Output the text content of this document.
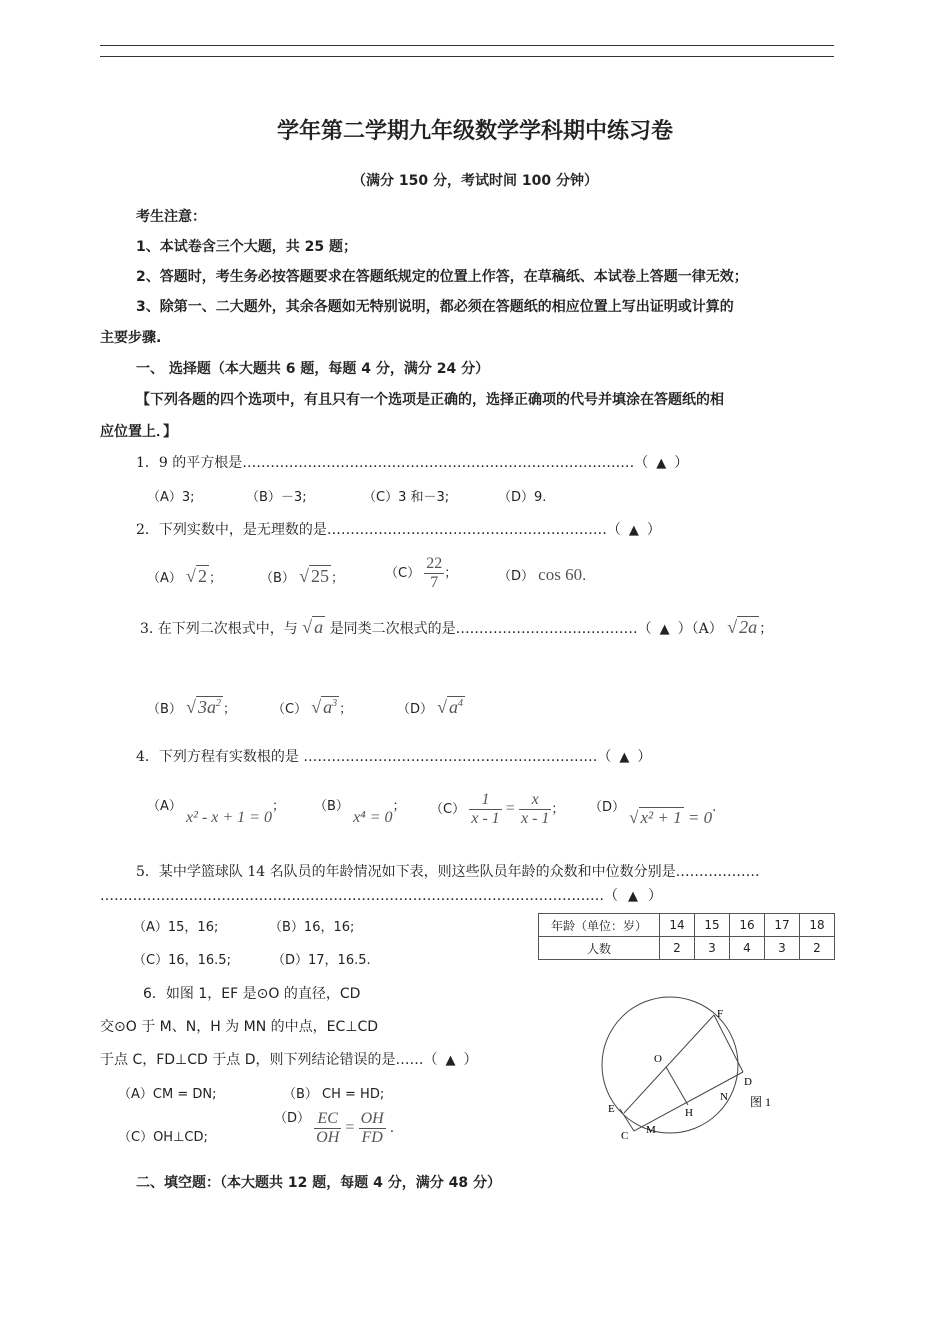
学年第二学期九年级数学学科期中练习卷
（满分 150 分，考试时间 100 分钟）
考生注意：
1、本试卷含三个大题，共 25 题；
2、答题时，考生务必按答题要求在答题纸规定的位置上作答，在草稿纸、本试卷上答题一律无效；
3、除第一、二大题外，其余各题如无特别说明，都必须在答题纸的相应位置上写出证明或计算的
主要步骤.
一、 选择题（本大题共 6 题，每题 4 分，满分 24 分）
【下列各题的四个选项中，有且只有一个选项是正确的，选择正确项的代号并填涂在答题纸的相
应位置上．】
1．9 的平方根是…………………………………………………………………………（ ▲ ）
（A）3;	（B）－3;	（C）3 和－3;	（D）9.
2．下列实数中，是无理数的是……………………………………………………（ ▲ ）
（A） √ 2 ；	（B） √ 25 ；	$(C) \frac{22}{7}$ ；	（D） cos 60.
3. 在下列二次根式中，与 √ a 是同类二次根式的是…………………………………（ ▲ ）（A） √ 2a ；
（B） √ $3a^2$ ；	（C） √ $a^3$ ；	（D） √ $a^4$
4．下列方程有实数根的是 ………………………………………………………（ ▲ ）
（A） x² - x + 1 = 0； （B） x⁴ = 0； $(C) \frac{1}{x - 1} = \frac{x}{x - 1}$ ； （D） √ x² + 1 = 0.
5．某中学篮球队 14 名队员的年龄情况如下表，则这些队员年龄的众数和中位数分别是………………
………………………………………………………………………………………………（ ▲ ）
（A）15，16;	（B）16，16;
（C）16，16.5;	（D）17，16.5.
年龄（单位：岁）	14	15	16	17	18
人数	2	3	4	3	2
6．如图 1，EF 是⊙O 的直径，CD
交⊙O 于 M、N，H 为 MN 的中点，EC⊥CD
于点 C，FD⊥CD 于点 D，则下列结论错误的是……（ ▲ ）
（A）CM = DN;	（B） CH = HD;
（C）OH⊥CD;
$(D) \frac{EC}{OH} = \frac{OH}{FD}$ .
F
O
D
E
N
H
C M
图 1
二、填空题：（本大题共 12 题，每题 4 分，满分 48 分）
